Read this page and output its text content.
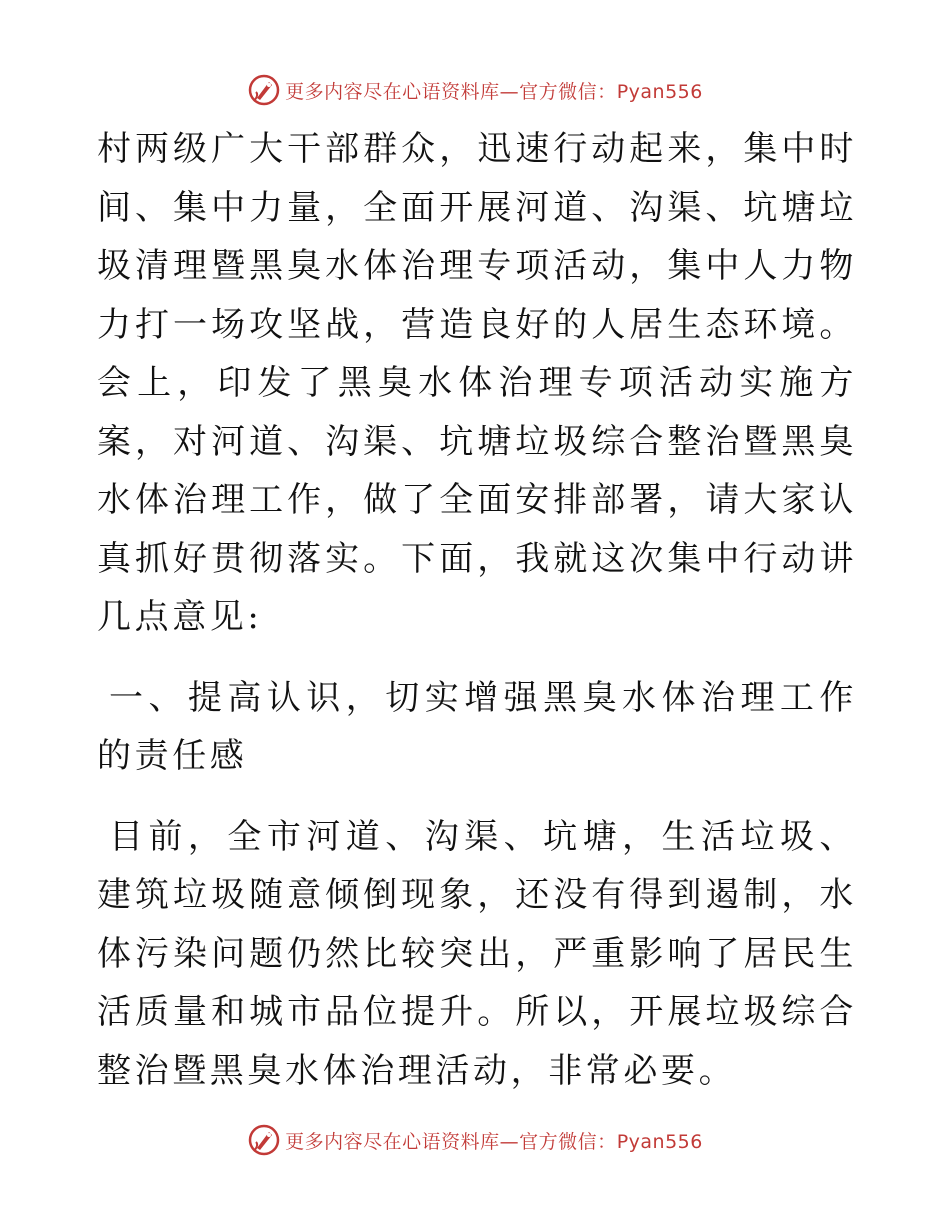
更多内容尽在心语资料库—官方微信：Pyan556

村两级广大干部群众，迅速行动起来，集中时间、集中力量，全面开展河道、沟渠、坑塘垃圾清理暨黑臭水体治理专项活动，集中人力物力打一场攻坚战，营造良好的人居生态环境。会上，印发了黑臭水体治理专项活动实施方案，对河道、沟渠、坑塘垃圾综合整治暨黑臭水体治理工作，做了全面安排部署，请大家认真抓好贯彻落实。下面，我就这次集中行动讲几点意见:

一、提高认识，切实增强黑臭水体治理工作的责任感

目前，全市河道、沟渠、坑塘，生活垃圾、建筑垃圾随意倾倒现象，还没有得到遏制，水体污染问题仍然比较突出，严重影响了居民生活质量和城市品位提升。所以，开展垃圾综合整治暨黑臭水体治理活动，非常必要。

更多内容尽在心语资料库—官方微信：Pyan556
